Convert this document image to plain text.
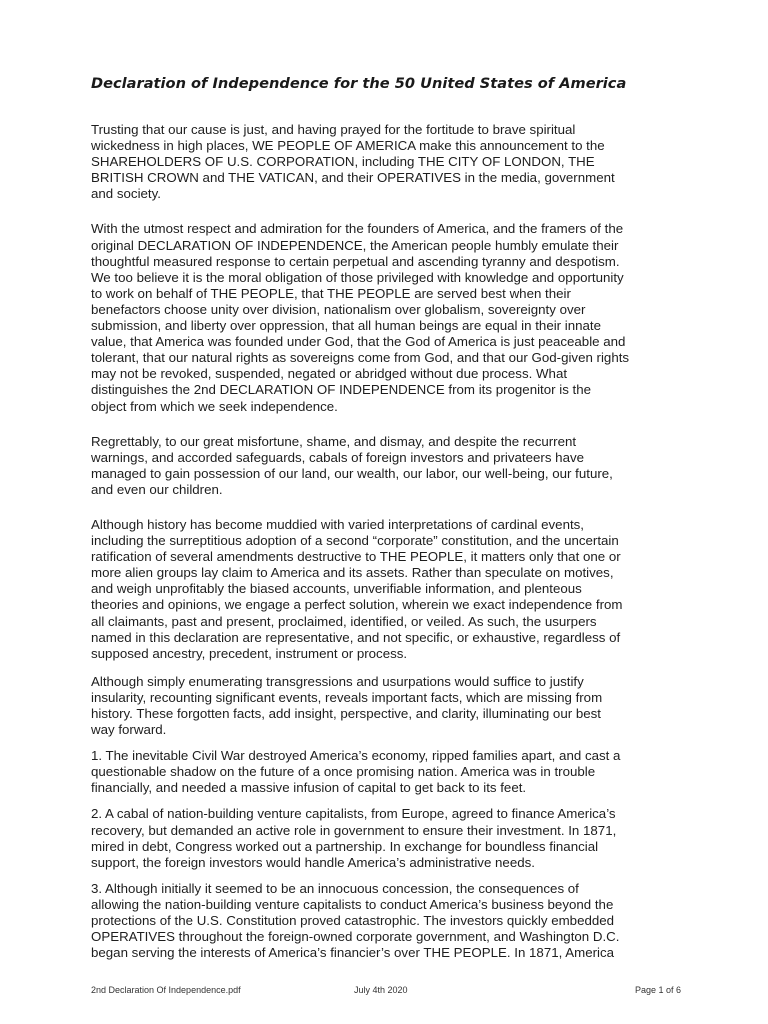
Declaration of Independence for the 50 United States of America

Trusting that our cause is just, and having prayed for the fortitude to brave spiritual
wickedness in high places, WE PEOPLE OF AMERICA make this announcement to the
SHAREHOLDERS OF U.S. CORPORATION, including THE CITY OF LONDON, THE
BRITISH CROWN and THE VATICAN, and their OPERATIVES in the media, government
and society.

With the utmost respect and admiration for the founders of America, and the framers of the
original DECLARATION OF INDEPENDENCE, the American people humbly emulate their
thoughtful measured response to certain perpetual and ascending tyranny and despotism.
We too believe it is the moral obligation of those privileged with knowledge and opportunity
to work on behalf of THE PEOPLE, that THE PEOPLE are served best when their
benefactors choose unity over division, nationalism over globalism, sovereignty over
submission, and liberty over oppression, that all human beings are equal in their innate
value, that America was founded under God, that the God of America is just peaceable and
tolerant, that our natural rights as sovereigns come from God, and that our God-given rights
may not be revoked, suspended, negated or abridged without due process. What
distinguishes the 2nd DECLARATION OF INDEPENDENCE from its progenitor is the
object from which we seek independence.

Regrettably, to our great misfortune, shame, and dismay, and despite the recurrent
warnings, and accorded safeguards, cabals of foreign investors and privateers have
managed to gain possession of our land, our wealth, our labor, our well-being, our future,
and even our children.

Although history has become muddied with varied interpretations of cardinal events,
including the surreptitious adoption of a second “corporate” constitution, and the uncertain
ratification of several amendments destructive to THE PEOPLE, it matters only that one or
more alien groups lay claim to America and its assets. Rather than speculate on motives,
and weigh unprofitably the biased accounts, unverifiable information, and plenteous
theories and opinions, we engage a perfect solution, wherein we exact independence from
all claimants, past and present, proclaimed, identified, or veiled. As such, the usurpers
named in this declaration are representative, and not specific, or exhaustive, regardless of
supposed ancestry, precedent, instrument or process.

Although simply enumerating transgressions and usurpations would suffice to justify
insularity, recounting significant events, reveals important facts, which are missing from
history. These forgotten facts, add insight, perspective, and clarity, illuminating our best
way forward.

1. The inevitable Civil War destroyed America’s economy, ripped families apart, and cast a
questionable shadow on the future of a once promising nation. America was in trouble
financially, and needed a massive infusion of capital to get back to its feet.

2. A cabal of nation-building venture capitalists, from Europe, agreed to finance America’s
recovery, but demanded an active role in government to ensure their investment. In 1871,
mired in debt, Congress worked out a partnership. In exchange for boundless financial
support, the foreign investors would handle America’s administrative needs.

3. Although initially it seemed to be an innocuous concession, the consequences of
allowing the nation-building venture capitalists to conduct America’s business beyond the
protections of the U.S. Constitution proved catastrophic. The investors quickly embedded
OPERATIVES throughout the foreign-owned corporate government, and Washington D.C.
began serving the interests of America’s financier’s over THE PEOPLE. In 1871, America

2nd Declaration Of Independence.pdf	July 4th 2020	Page 1 of 6
